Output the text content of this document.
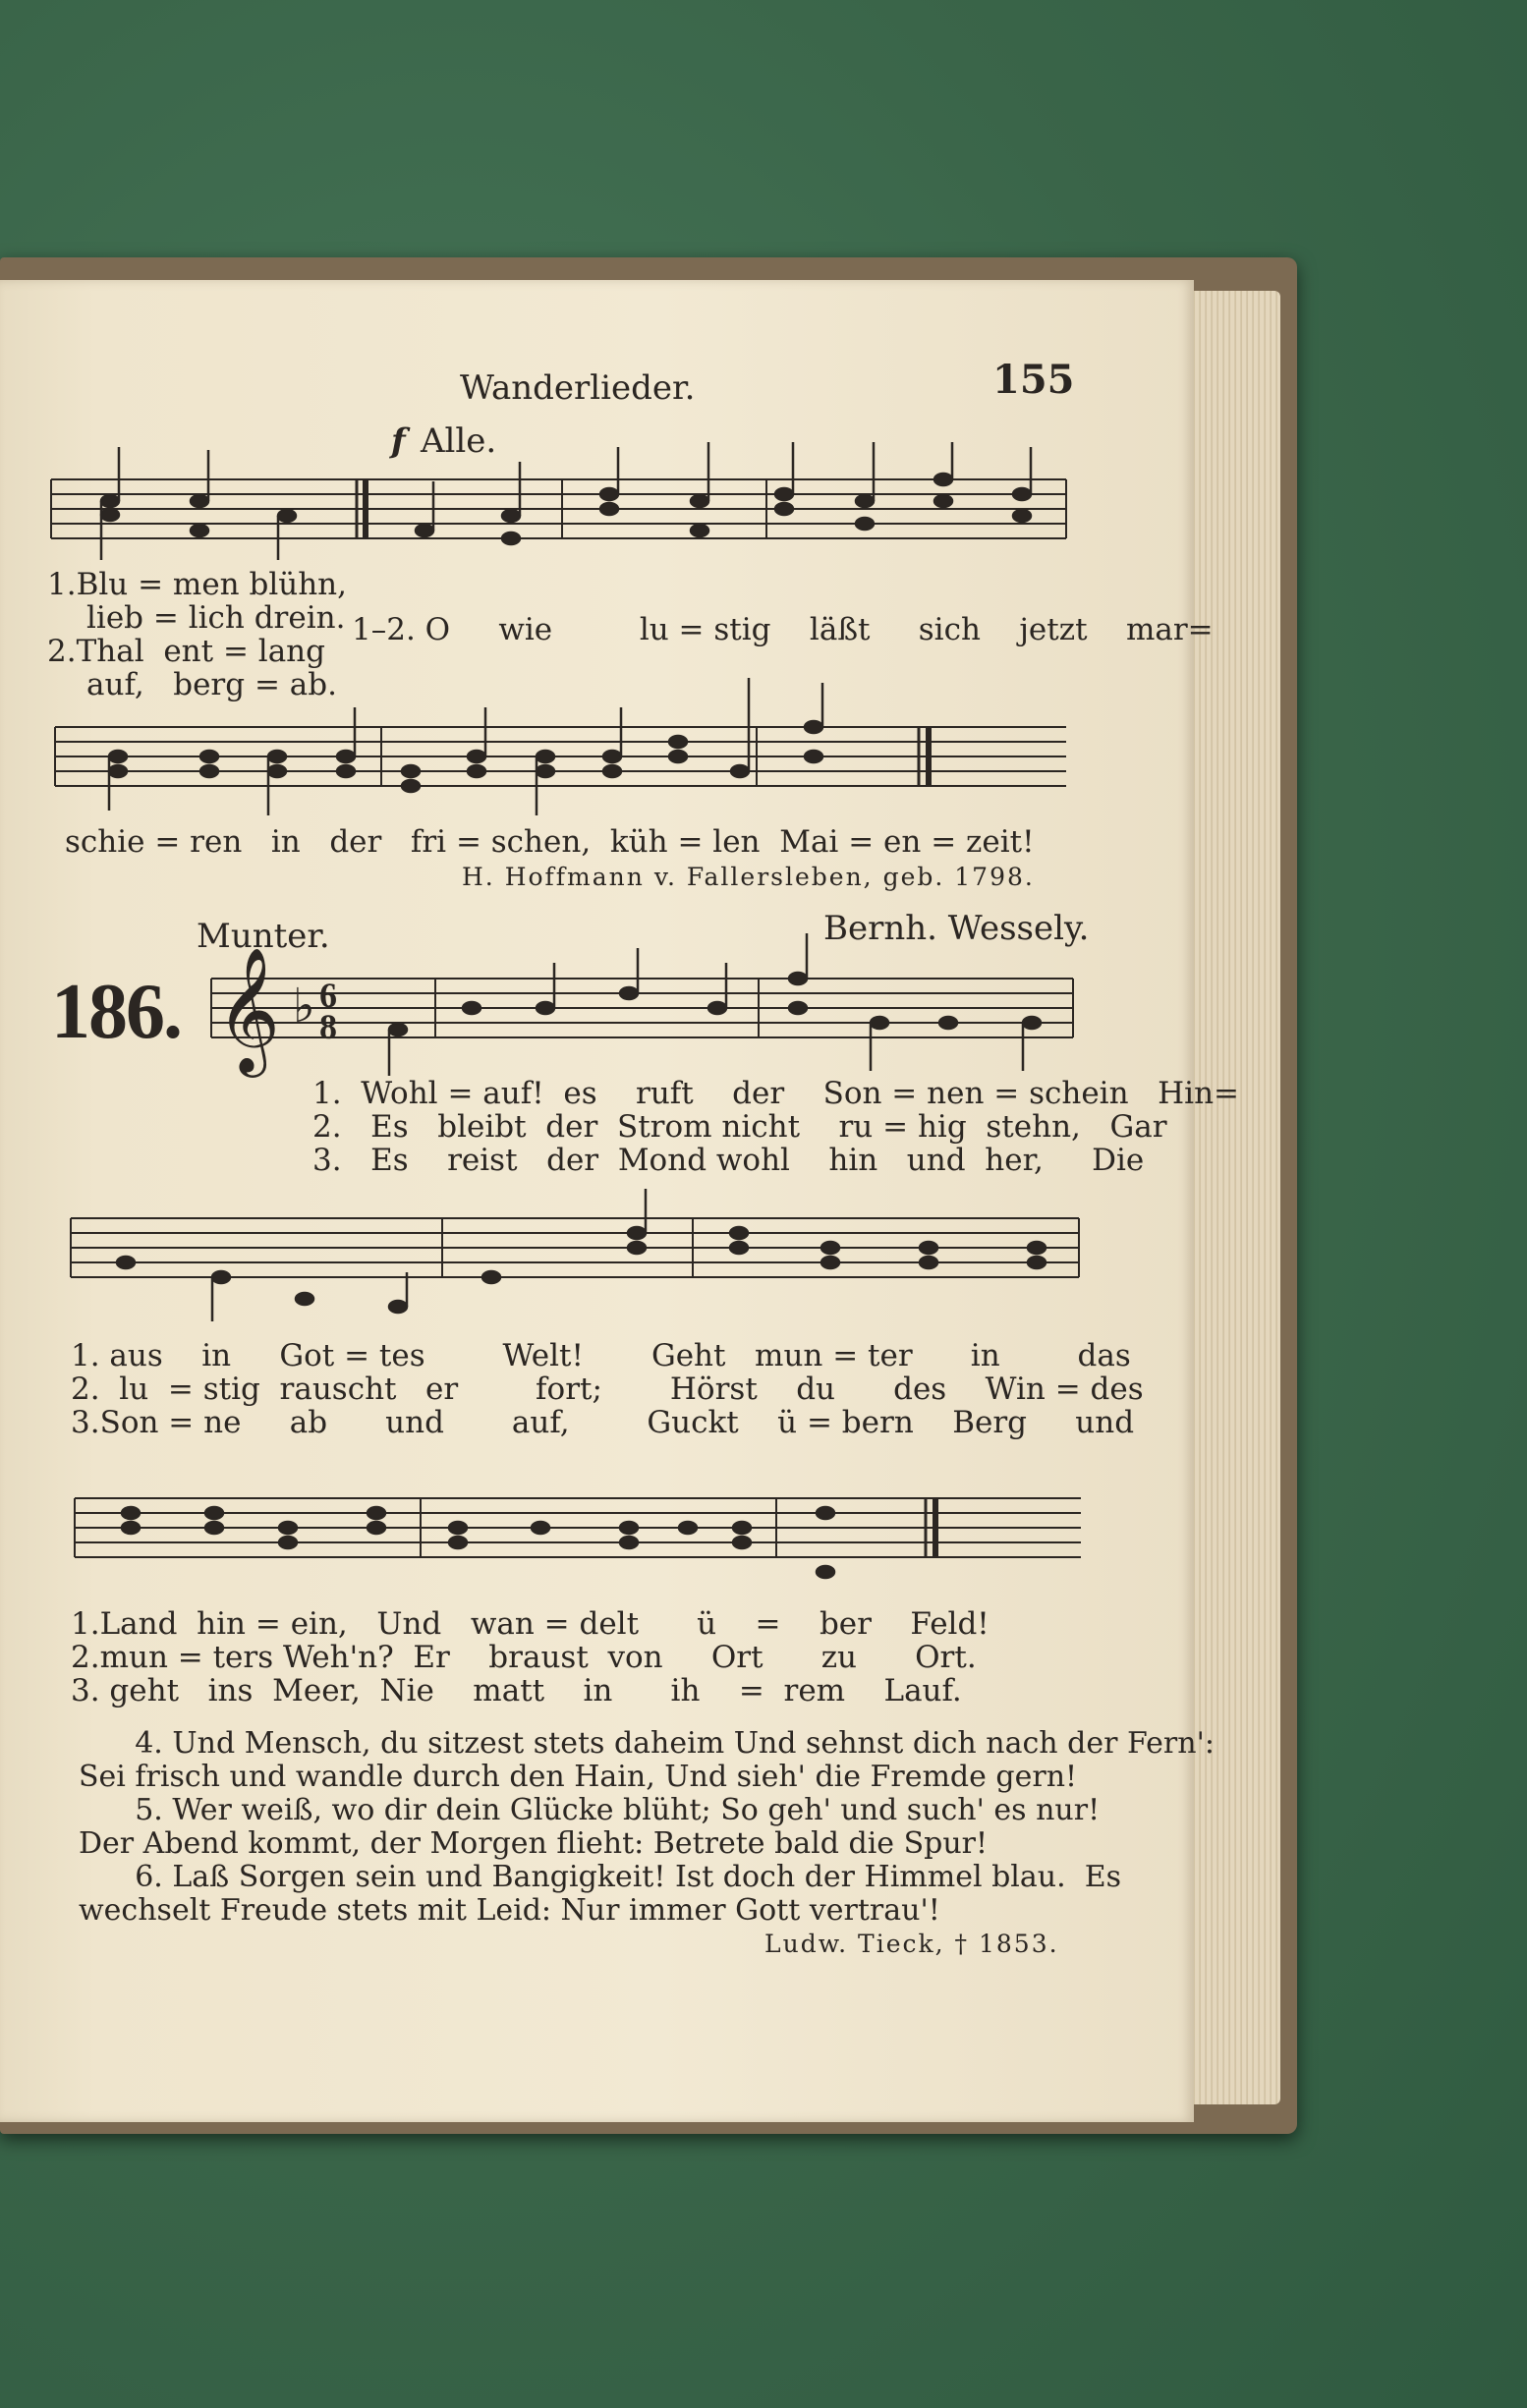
Wanderlieder.	155
𝄞 ♭
f Alle.
1.Blu = men blühn,
lieb = lich drein.
2.Thal  ent = lang
auf,   berg = ab.
1–2. O     wie         lu = stig    läßt     sich    jetzt    mar=
schie = ren   in   der   fri = schen,  küh = len  Mai = en = zeit!
H. Hoffmann v. Fallersleben, geb. 1798.
Munter.	Bernh. Wessely.
186.	6
8
1.  Wohl = auf!  es    ruft    der    Son = nen = schein   Hin=
2.   Es   bleibt  der  Strom nicht    ru = hig  stehn,   Gar
3.   Es    reist   der  Mond wohl    hin   und  her,     Die
1. aus    in     Got = tes        Welt!       Geht   mun = ter      in        das
2.  lu  = stig  rauscht   er        fort;       Hörst    du      des    Win = des
3.Son = ne     ab      und       auf,        Guckt    ü = bern    Berg     und
1.Land  hin = ein,   Und   wan = delt      ü    =    ber    Feld!
2.mun = ters Weh'n?  Er    braust  von     Ort      zu      Ort.
3. geht   ins  Meer,  Nie    matt    in      ih    =  rem    Lauf.
4. Und Mensch, du sitzest stets daheim Und sehnst dich nach der Fern':
Sei frisch und wandle durch den Hain, Und sieh' die Fremde gern!
5. Wer weiß, wo dir dein Glücke blüht; So geh' und such' es nur!
Der Abend kommt, der Morgen flieht: Betrete bald die Spur!
6. Laß Sorgen sein und Bangigkeit! Ist doch der Himmel blau.  Es
wechselt Freude stets mit Leid: Nur immer Gott vertrau'!
Ludw. Tieck, † 1853.
